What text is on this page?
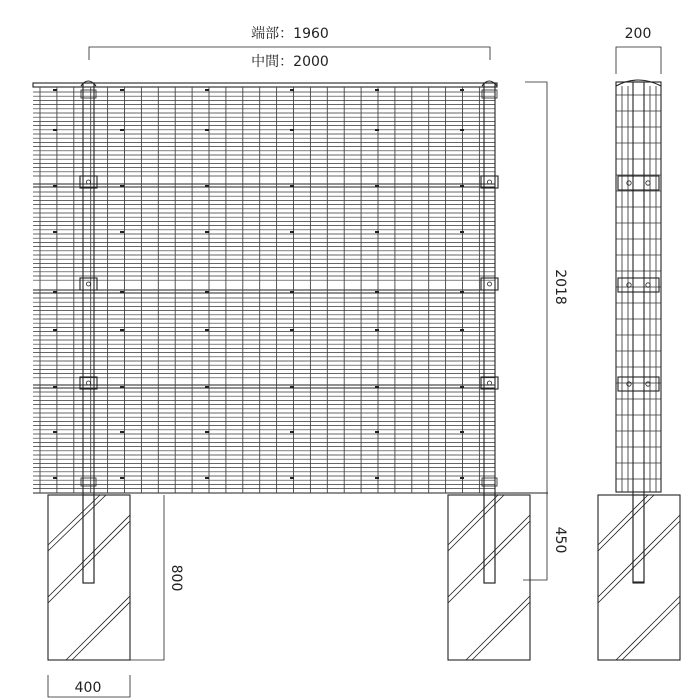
端部：1960
中間：2000
200
2018
450
800
400
